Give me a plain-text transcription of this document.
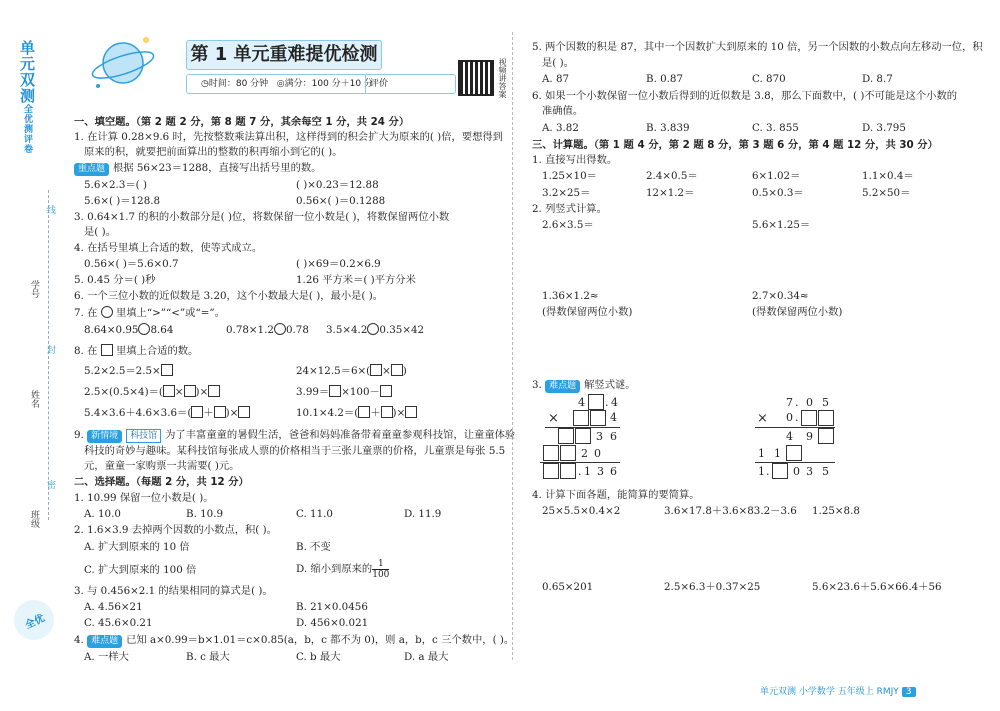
单元双测全优测评卷
线
封
密
学号
姓名
班级
全优
第 1 单元重难提优检测
◷时间：80 分钟 ◎满分：100 分＋10 分
评价	视频讲答案
一、填空题。（第 2 题 2 分，第 8 题 7 分，其余每空 1 分，共 24 分）
1. 在计算 0.28×9.6 时，先按整数乘法算出积，这样得到的积会扩大为原来的( )倍，要想得到
原来的积，就要把前面算出的整数的积再缩小到它的( )。
重点题 根据 56×23＝1288，直接写出括号里的数。
5.6×2.3＝( )	( )×0.23＝12.88
5.6×( )＝128.8	0.56×( )＝0.1288
3. 0.64×1.7 的积的小数部分是( )位，将数保留一位小数是( )，将数保留两位小数
是( )。
4. 在括号里填上合适的数，使等式成立。
0.56×( )＝5.6×0.7	( )×69＝0.2×6.9
5. 0.45 分＝( )秒	1.26 平方米＝( )平方分米
6. 一个三位小数的近似数是 3.20，这个小数最大是( )，最小是( )。
7. 在 里填上“>”“<”或“=”。
8.64×0.95 8.64	0.78×1.2 0.78 3.5×4.2 0.35×42
8. 在 里填上合适的数。
5.2×2.5＝2.5×	24×12.5＝6×( × )
2.5×(0.5×4)＝( × )×	3.99＝ ×100－
5.4×3.6＋4.6×3.6＝( ＋ )×	10.1×4.2＝( ＋ )×
9. 新情境 科技馆 为了丰富童童的暑假生活，爸爸和妈妈准备带着童童参观科技馆，让童童体验
科技的奇妙与趣味。某科技馆每张成人票的价格相当于三张儿童票的价格，儿童票是每张 5.5
元，童童一家购票一共需要( )元。
二、选择题。（每题 2 分，共 12 分）
1. 10.99 保留一位小数是( )。
A. 10.0	B. 10.9	C. 11.0	D. 11.9
2. 1.6×3.9 去掉两个因数的小数点，积( )。
A. 扩大到原来的 10 倍	B. 不变
C. 扩大到原来的 100 倍	D. 缩小到原来的 $\frac{1}{100}$
3. 与 0.456×2.1 的结果相同的算式是( )。
A. 4.56×21	B. 21×0.0456
C. 45.6×0.21	D. 456×0.021
4. 难点题 已知 a×0.99＝b×1.01＝c×0.85(a，b，c 都不为 0)，则 a，b，c 三个数中，( )。
A. 一样大	B. c 最大	C. b 最大	D. a 最大
5. 两个因数的积是 87，其中一个因数扩大到原来的 10 倍，另一个因数的小数点向左移动一位，积
是( )。
A. 87	B. 0.87	C. 870	D. 8.7
6. 如果一个小数保留一位小数后得到的近似数是 3.8，那么下面数中，( )不可能是这个小数的
准确值。
A. 3.82	B. 3.839	C. 3. 855	D. 3.795
三、计算题。（第 1 题 4 分，第 2 题 8 分，第 3 题 6 分，第 4 题 12 分，共 30 分）
1. 直接写出得数。
1.25×10＝	2.4×0.5＝	6×1.02＝	1.1×0.4＝
3.2×25＝	12×1.2＝	0.5×0.3＝	5.2×50＝
2. 列竖式计算。
2.6×3.5＝	5.6×1.25＝
1.36×1.2≈	2.7×0.34≈
(得数保留两位小数)	(得数保留两位小数)
3. 难点题 解竖式谜。
4 . 4
×	4
3 6
2 0
. 1 3 6
7 . 0 5
× 0 .
4 9
1 1
1 . 0 3 5
4. 计算下面各题，能简算的要简算。
25×5.5×0.4×2	3.6×17.8＋3.6×83.2－3.6 1.25×8.8
0.65×201	2.5×6.3＋0.37×25	5.6×23.6＋5.6×66.4＋56
单元双测 小学数学 五年级上 RMJY 3
